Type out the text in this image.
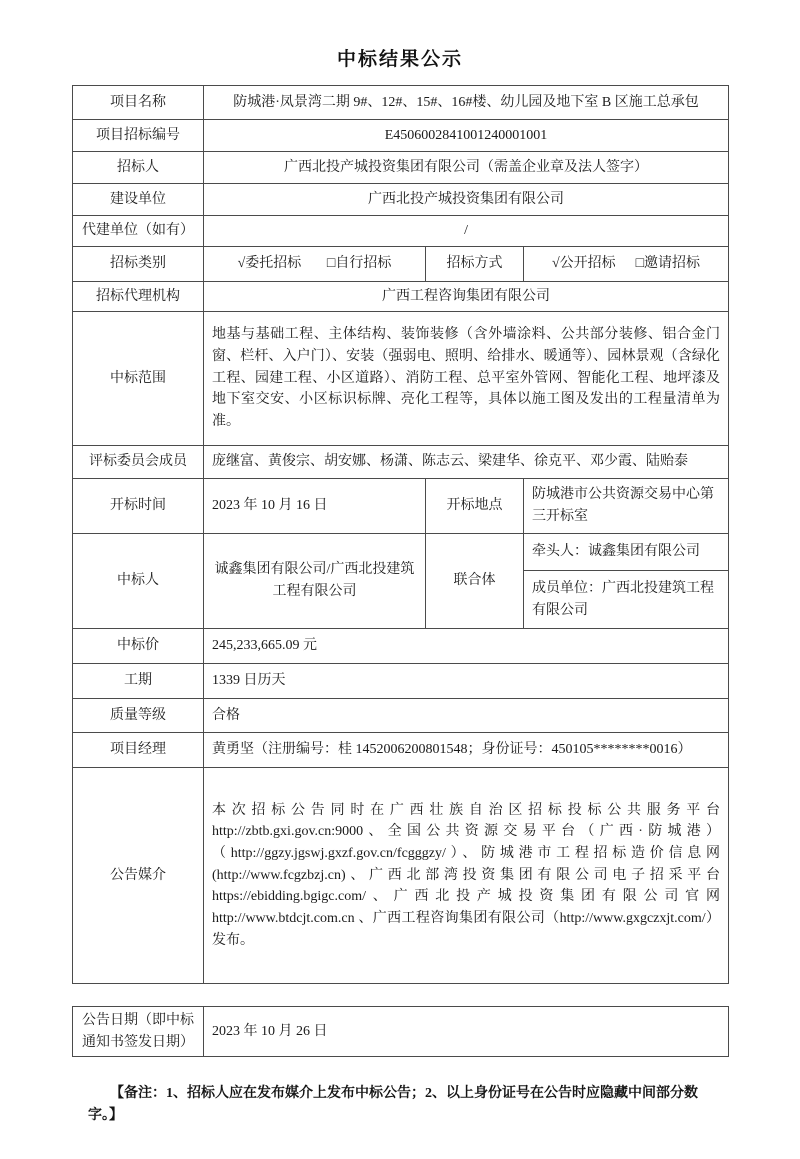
中标结果公示
项目名称	防城港·凤景湾二期 9#、12#、15#、16#楼、幼儿园及地下室 B 区施工总承包		
项目招标编号	E4506002841001240001001		
招标人	广西北投产城投资集团有限公司（需盖企业章及法人签字）		
建设单位	广西北投产城投资集团有限公司		
代建单位（如有）	/		
招标类别	√委托招标 □自行招标	招标方式	√公开招标 □邀请招标

招标代理机构	广西工程咨询集团有限公司		
中标范围	地基与基础工程、主体结构、装饰装修（含外墙涂料、公共部分装修、铝合金门窗、栏杆、入户门）、安装（强弱电、照明、给排水、暖通等）、园林景观（含绿化工程、园建工程、小区道路）、消防工程、总平室外管网、智能化工程、地坪漆及地下室交安、小区标识标牌、亮化工程等，具体以施工图及发出的工程量清单为准。		
评标委员会成员	庞继富、黄俊宗、胡安娜、杨潇、陈志云、梁建华、徐克平、邓少霞、陆贻泰		
开标时间	2023 年 10 月 16 日	开标地点	防城港市公共资源交易中心第三开标室
中标人	诚鑫集团有限公司/广西北投建筑工程有限公司	联合体	牵头人：诚鑫集团有限公司
			成员单位：广西北投建筑工程有限公司
中标价	245,233,665.09 元		
工期	1339 日历天		
质量等级	合格		
项目经理	黄勇坚（注册编号：桂 1452006200801548；身份证号：450105********0016）		
公告媒介	本次招标公告同时在广西壮族自治区招标投标公共服务平台 http://zbtb.gxi.gov.cn:9000、全国公共资源交易平台（广西·防城港）（http://ggzy.jgswj.gxzf.gov.cn/fcgggzy/）、防城港市工程招标造价信息网(http://www.fcgzbzj.cn)、广西北部湾投资集团有限公司电子招采平台 https://ebidding.bgigc.com/、广西北投产城投资集团有限公司官网 http://www.btdcjt.com.cn 、广西工程咨询集团有限公司（http://www.gxgczxjt.com/）发布。		
公告日期（即中标通知书签发日期）	2023 年 10 月 26 日
【备注：1、招标人应在发布媒介上发布中标公告；2、以上身份证号在公告时应隐藏中间部分数字。】
